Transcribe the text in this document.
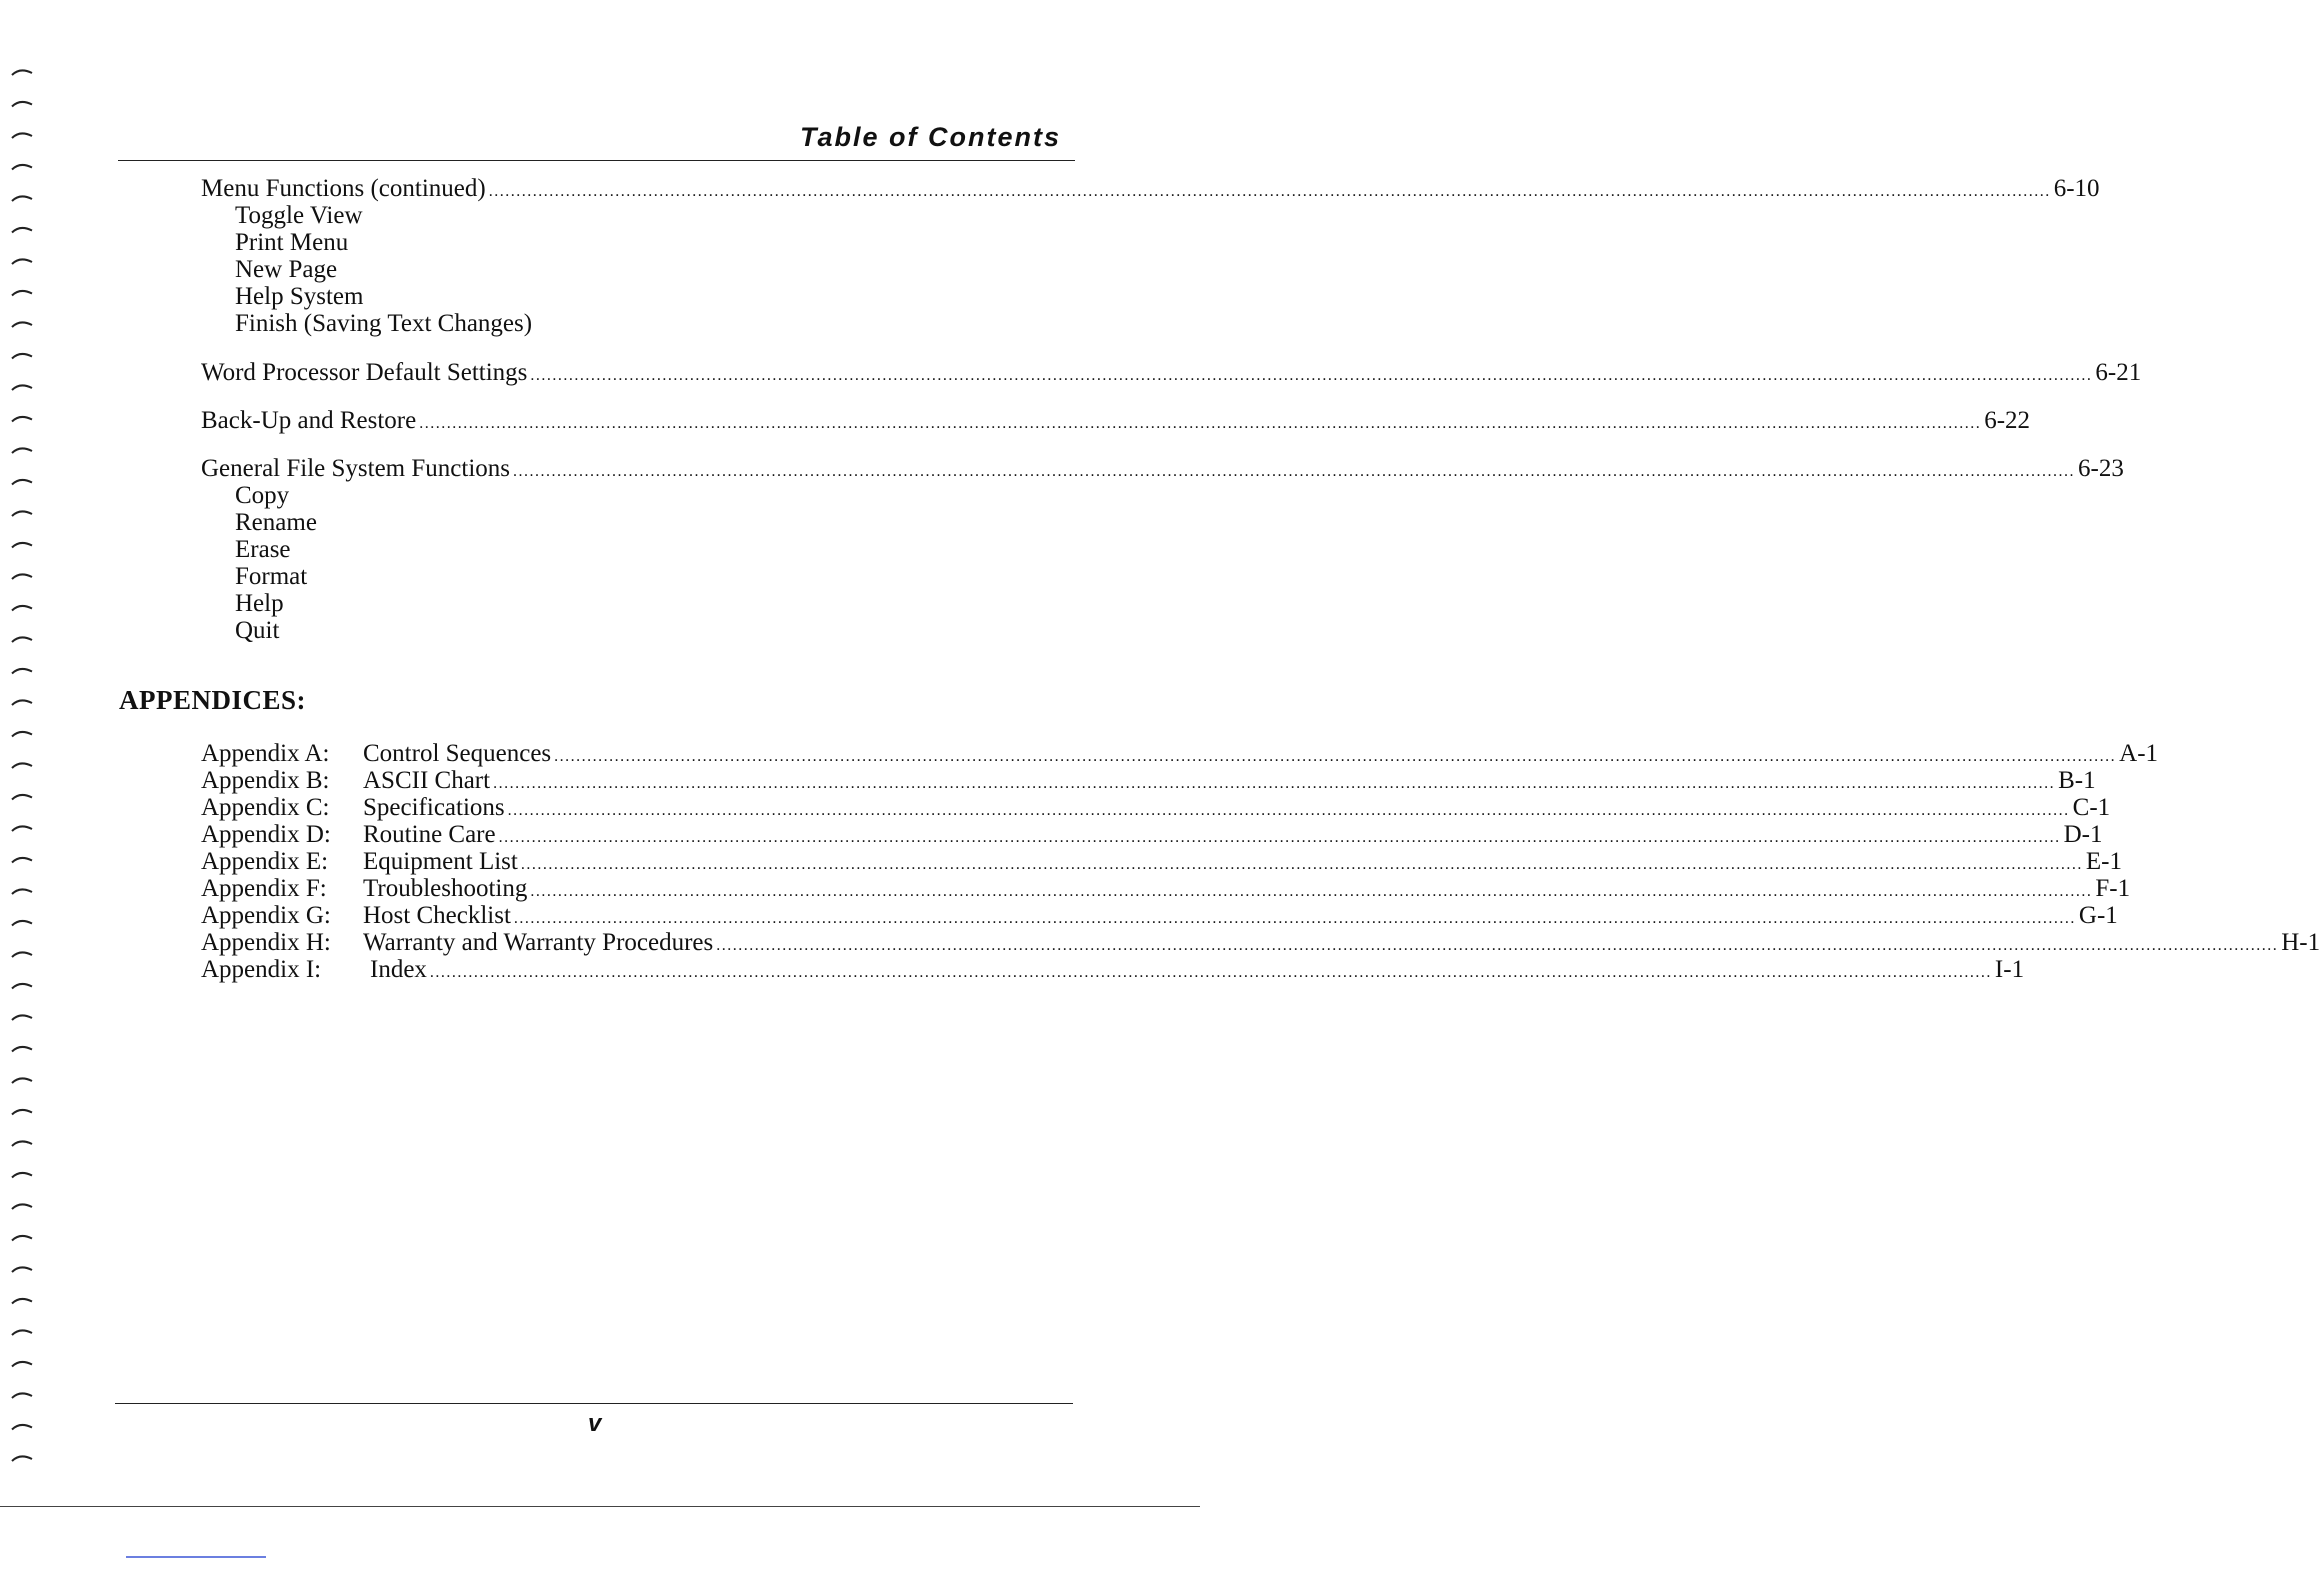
Table of Contents
Menu Functions (continued) ............................................................................................................................................................................................................................................................................................ 6-10
Toggle View
Print Menu
New Page
Help System
Finish (Saving Text Changes)
Word Processor Default Settings ............................................................................................................................................................................................................................................................................................ 6-21
Back-Up and Restore ............................................................................................................................................................................................................................................................................................ 6-22
General File System Functions ............................................................................................................................................................................................................................................................................................ 6-23
Copy
Rename
Erase
Format
Help
Quit
APPENDICES:
Appendix A:	Control Sequences ............................................................................................................................................................................................................................................................................................ A-1
Appendix B:	ASCII Chart ............................................................................................................................................................................................................................................................................................ B-1
Appendix C:	Specifications ............................................................................................................................................................................................................................................................................................ C-1
Appendix D:	Routine Care ............................................................................................................................................................................................................................................................................................ D-1
Appendix E:	Equipment List ............................................................................................................................................................................................................................................................................................ E-1
Appendix F:	Troubleshooting ............................................................................................................................................................................................................................................................................................ F-1
Appendix G:	Host Checklist ............................................................................................................................................................................................................................................................................................ G-1
Appendix H:	Warranty and Warranty Procedures ............................................................................................................................................................................................................................................................................................ H-1
Appendix I:	Index ............................................................................................................................................................................................................................................................................................ I-1
v
